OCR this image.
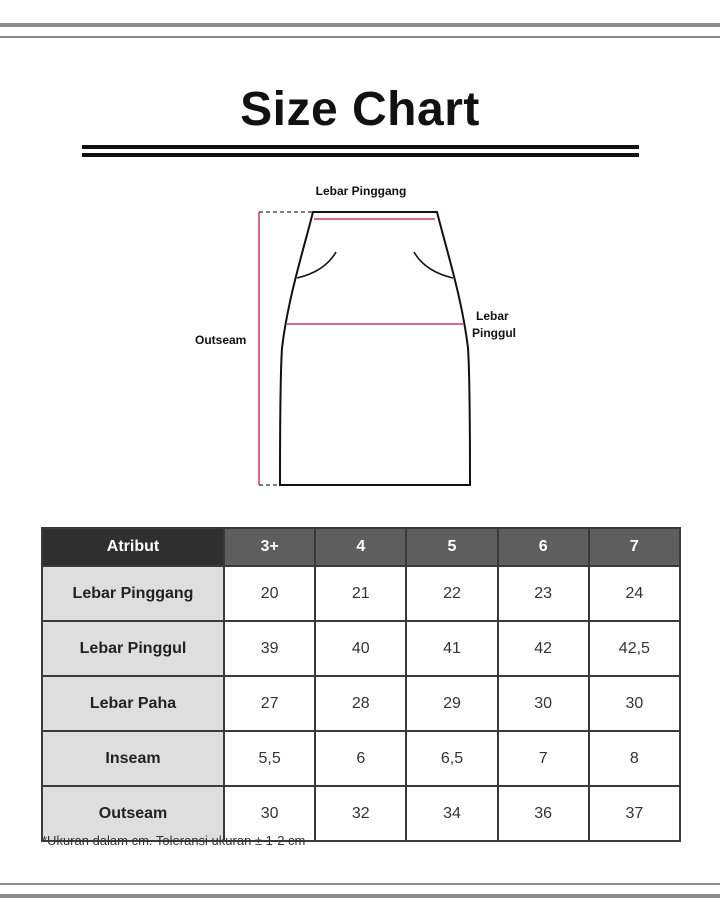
Size Chart
Lebar Pinggang
Outseam
Lebar
Pinggul
Atribut	3+	4	5	6	7
Lebar Pinggang	20	21	22	23	24
Lebar Pinggul	39	40	41	42	42,5
Lebar Paha	27	28	29	30	30
Inseam	5,5	6	6,5	7	8
Outseam	30	32	34	36	37
*Ukuran dalam cm. Toleransi ukuran ± 1-2 cm
